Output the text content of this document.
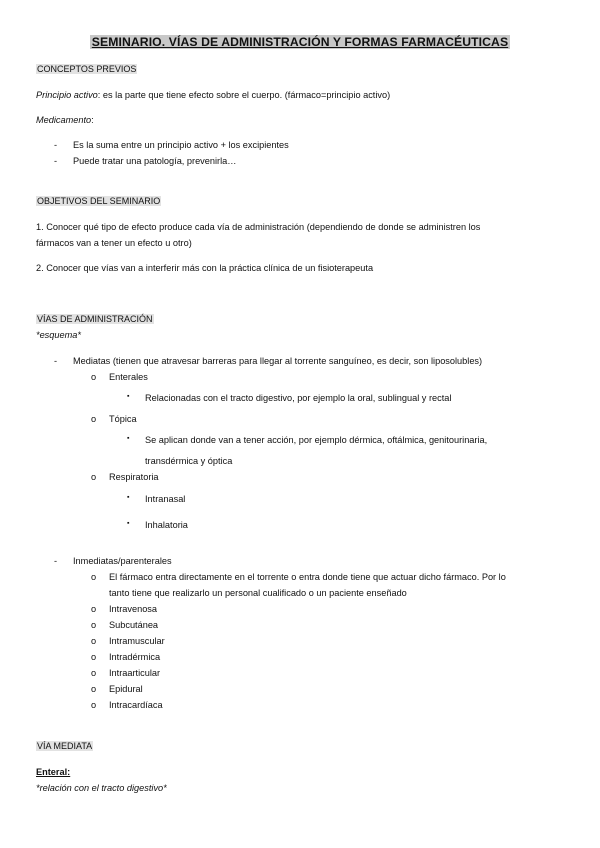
SEMINARIO. VÍAS DE ADMINISTRACIÓN Y FORMAS FARMACÉUTICAS
CONCEPTOS PREVIOS
Principio activo: es la parte que tiene efecto sobre el cuerpo. (fármaco=principio activo)
Medicamento:
- Es la suma entre un principio activo + los excipientes
- Puede tratar una patología, prevenirla…
OBJETIVOS DEL SEMINARIO
1. Conocer qué tipo de efecto produce cada vía de administración (dependiendo de donde se administren los
fármacos van a tener un efecto u otro)
2. Conocer que vías van a interferir más con la práctica clínica de un fisioterapeuta
VÍAS DE ADMINISTRACIÓN
*esquema*
- Mediatas (tienen que atravesar barreras para llegar al torrente sanguíneo, es decir, son liposolubles)
o Enterales
▪ Relacionadas con el tracto digestivo, por ejemplo la oral, sublingual y rectal
o Tópica
▪ Se aplican donde van a tener acción, por ejemplo dérmica, oftálmica, genitourinaria,
transdérmica y óptica
o Respiratoria
▪ Intranasal
▪ Inhalatoria
- Inmediatas/parenterales
o El fármaco entra directamente en el torrente o entra donde tiene que actuar dicho fármaco. Por lo
tanto tiene que realizarlo un personal cualificado o un paciente enseñado
o Intravenosa
o Subcutánea
o Intramuscular
o Intradérmica
o Intraarticular
o Epidural
o Intracardíaca
VÍA MEDIATA
Enteral:
*relación con el tracto digestivo*
